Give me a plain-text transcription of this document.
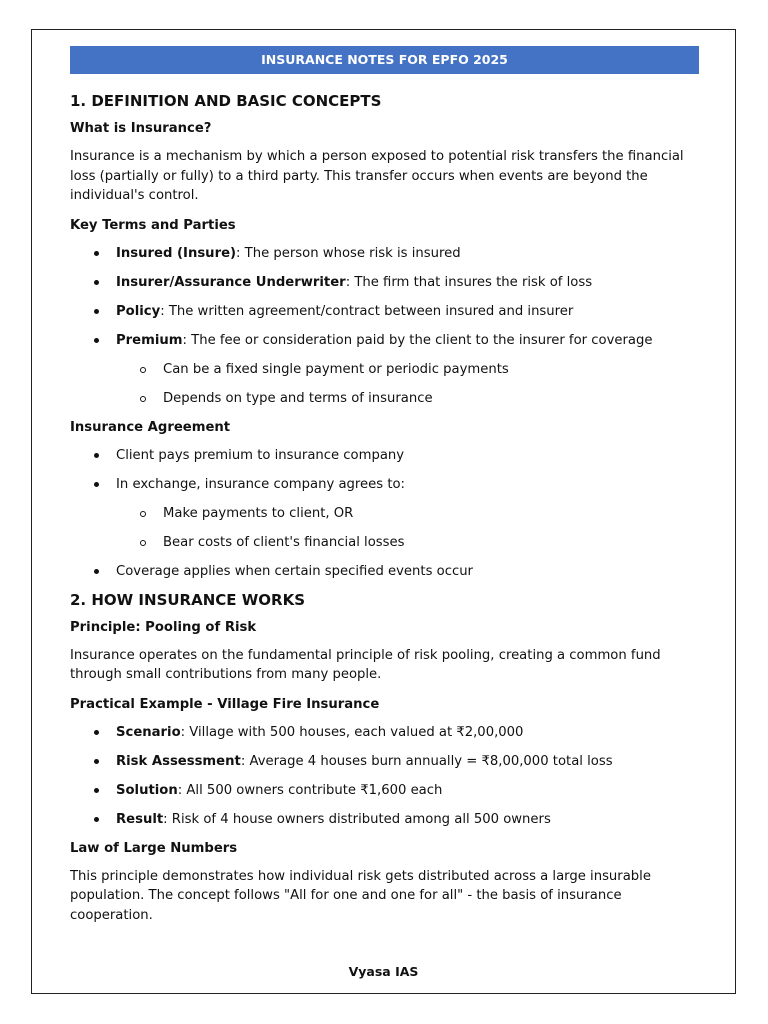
INSURANCE NOTES FOR EPFO 2025
1. DEFINITION AND BASIC CONCEPTS
What is Insurance?

Insurance is a mechanism by which a person exposed to potential risk transfers the financial loss (partially or fully) to a third party. This transfer occurs when events are beyond the individual's control.

Key Terms and Parties
Insured (Insure): The person whose risk is insured
Insurer/Assurance Underwriter: The firm that insures the risk of loss
Policy: The written agreement/contract between insured and insurer
Premium: The fee or consideration paid by the client to the insurer for coverage
Can be a fixed single payment or periodic payments
Depends on type and terms of insurance
Insurance Agreement
Client pays premium to insurance company
In exchange, insurance company agrees to:
Make payments to client, OR
Bear costs of client's financial losses
Coverage applies when certain specified events occur
2. HOW INSURANCE WORKS
Principle: Pooling of Risk

Insurance operates on the fundamental principle of risk pooling, creating a common fund through small contributions from many people.

Practical Example - Village Fire Insurance
Scenario: Village with 500 houses, each valued at ₹2,00,000
Risk Assessment: Average 4 houses burn annually = ₹8,00,000 total loss
Solution: All 500 owners contribute ₹1,600 each
Result: Risk of 4 house owners distributed among all 500 owners
Law of Large Numbers

This principle demonstrates how individual risk gets distributed across a large insurable population. The concept follows "All for one and one for all" - the basis of insurance cooperation.

Vyasa IAS
